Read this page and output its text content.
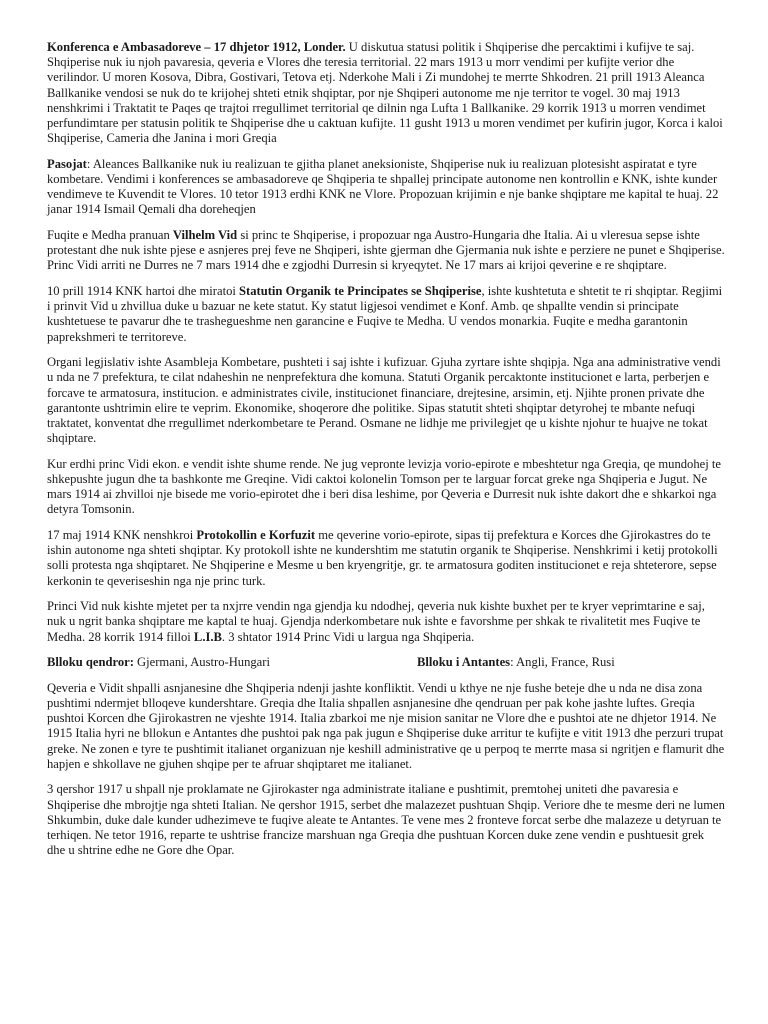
Konferenca e Ambasadoreve – 17 dhjetor 1912, Londer. U diskutua statusi politik i Shqiperise dhe percaktimi i kufijve te saj. Shqiperise nuk iu njoh pavaresia, qeveria e Vlores dhe teresia territorial. 22 mars 1913 u morr vendimi per kufijte verior dhe verilindor. U moren Kosova, Dibra, Gostivari, Tetova etj. Nderkohe Mali i Zi mundohej te merrte Shkodren. 21 prill 1913 Aleanca Ballkanike vendosi se nuk do te krijohej shteti etnik shqiptar, por nje Shqiperi autonome me nje territor te vogel. 30 maj 1913 nenshkrimi i Traktatit te Paqes qe trajtoi rregullimet territorial qe dilnin nga Lufta 1 Ballkanike. 29 korrik 1913 u morren vendimet perfundimtare per statusin politik te Shqiperise dhe u caktuan kufijte. 11 gusht 1913 u moren vendimet per kufirin jugor, Korca i kaloi Shqiperise, Cameria dhe Janina i mori Greqia

Pasojat: Aleances Ballkanike nuk iu realizuan te gjitha planet aneksioniste, Shqiperise nuk iu realizuan plotesisht aspiratat e tyre kombetare. Vendimi i konferences se ambasadoreve qe Shqiperia te shpallej principate autonome nen kontrollin e KNK, ishte kunder vendimeve te Kuvendit te Vlores. 10 tetor 1913 erdhi KNK ne Vlore. Propozuan krijimin e nje banke shqiptare me kapital te huaj. 22 janar 1914 Ismail Qemali dha doreheqjen

Fuqite e Medha pranuan Vilhelm Vid si princ te Shqiperise, i propozuar nga Austro-Hungaria dhe Italia. Ai u vleresua sepse ishte protestant dhe nuk ishte pjese e asnjeres prej feve ne Shqiperi, ishte gjerman dhe Gjermania nuk ishte e perziere ne punet e Shqiperise. Princ Vidi arriti ne Durres ne 7 mars 1914 dhe e zgjodhi Durresin si kryeqytet. Ne 17 mars ai krijoi qeverine e re shqiptare.

10 prill 1914 KNK hartoi dhe miratoi Statutin Organik te Principates se Shqiperise, ishte kushtetuta e shtetit te ri shqiptar. Regjimi i prinvit Vid u zhvillua duke u bazuar ne kete statut. Ky statut ligjesoi vendimet e Konf. Amb. qe shpallte vendin si principate kushtetuese te pavarur dhe te trashegueshme nen garancine e Fuqive te Medha. U vendos monarkia. Fuqite e medha garantonin paprekshmeri te territoreve.

Organi legjislativ ishte Asambleja Kombetare, pushteti i saj ishte i kufizuar. Gjuha zyrtare ishte shqipja. Nga ana administrative vendi u nda ne 7 prefektura, te cilat ndaheshin ne nenprefektura dhe komuna. Statuti Organik percaktonte institucionet e larta, perberjen e forcave te armatosura, institucion. e administrates civile, institucionet financiare, drejtesine, arsimin, etj. Njihte pronen private dhe garantonte ushtrimin elire te veprim. Ekonomike, shoqerore dhe politike. Sipas statutit shteti shqiptar detyrohej te mbante nefuqi traktatet, konventat dhe rregullimet nderkombetare te Perand. Osmane ne lidhje me privilegjet qe u kishte njohur te huajve ne tokat shqiptare.

Kur erdhi princ Vidi ekon. e vendit ishte shume rende. Ne jug vepronte levizja vorio-epirote e mbeshtetur nga Greqia, qe mundohej te shkepushte jugun dhe ta bashkonte me Greqine. Vidi caktoi kolonelin Tomson per te larguar forcat greke nga Shqiperia e Jugut. Ne mars 1914 ai zhvilloi nje bisede me vorio-epirotet dhe i beri disa leshime, por Qeveria e Durresit nuk ishte dakort dhe e shkarkoi nga detyra Tomsonin.

17 maj 1914 KNK nenshkroi Protokollin e Korfuzit me qeverine vorio-epirote, sipas tij prefektura e Korces dhe Gjirokastres do te ishin autonome nga shteti shqiptar. Ky protokoll ishte ne kundershtim me statutin organik te Shqiperise. Nenshkrimi i ketij protokolli solli protesta nga shqiptaret. Ne Shqiperine e Mesme u ben kryengritje, gr. te armatosura goditen institucionet e reja shteterore, sepse kerkonin te qeveriseshin nga nje princ turk.

Princi Vid nuk kishte mjetet per ta nxjrre vendin nga gjendja ku ndodhej, qeveria nuk kishte buxhet per te kryer veprimtarine e saj, nuk u ngrit banka shqiptare me kaptal te huaj. Gjendja nderkombetare nuk ishte e favorshme per shkak te rivalitetit mes Fuqive te Medha. 28 korrik 1914 filloi L.I.B. 3 shtator 1914 Princ Vidi u largua nga Shqiperia.

Blloku qendror: Gjermani, Austro-Hungari	Blloku i Antantes: Angli, France, Rusi

Qeveria e Vidit shpalli asnjanesine dhe Shqiperia ndenji jashte konfliktit. Vendi u kthye ne nje fushe beteje dhe u nda ne disa zona pushtimi ndermjet blloqeve kundershtare. Greqia dhe Italia shpallen asnjanesine dhe qendruan per pak kohe jashte luftes. Greqia pushtoi Korcen dhe Gjirokastren ne vjeshte 1914. Italia zbarkoi me nje mision sanitar ne Vlore dhe e pushtoi ate ne dhjetor 1914. Ne 1915 Italia hyri ne bllokun e Antantes dhe pushtoi pak nga pak jugun e Shqiperise duke arritur te kufijte e vitit 1913 dhe perzuri trupat greke. Ne zonen e tyre te pushtimit italianet organizuan nje keshill administrative qe u perpoq te merrte masa si ngritjen e flamurit dhe hapjen e shkollave ne gjuhen shqipe per te afruar shqiptaret me italianet.

3 qershor 1917 u shpall nje proklamate ne Gjirokaster nga administrate italiane e pushtimit, premtohej uniteti dhe pavaresia e Shqiperise dhe mbrojtje nga shteti Italian. Ne qershor 1915, serbet dhe malazezet pushtuan Shqip. Veriore dhe te mesme deri ne lumen Shkumbin, duke dale kunder udhezimeve te fuqive aleate te Antantes. Te vene mes 2 fronteve forcat serbe dhe malazeze u detyruan te terhiqen. Ne tetor 1916, reparte te ushtrise francize marshuan nga Greqia dhe pushtuan Korcen duke zene vendin e pushtuesit grek dhe u shtrine edhe ne Gore dhe Opar.
